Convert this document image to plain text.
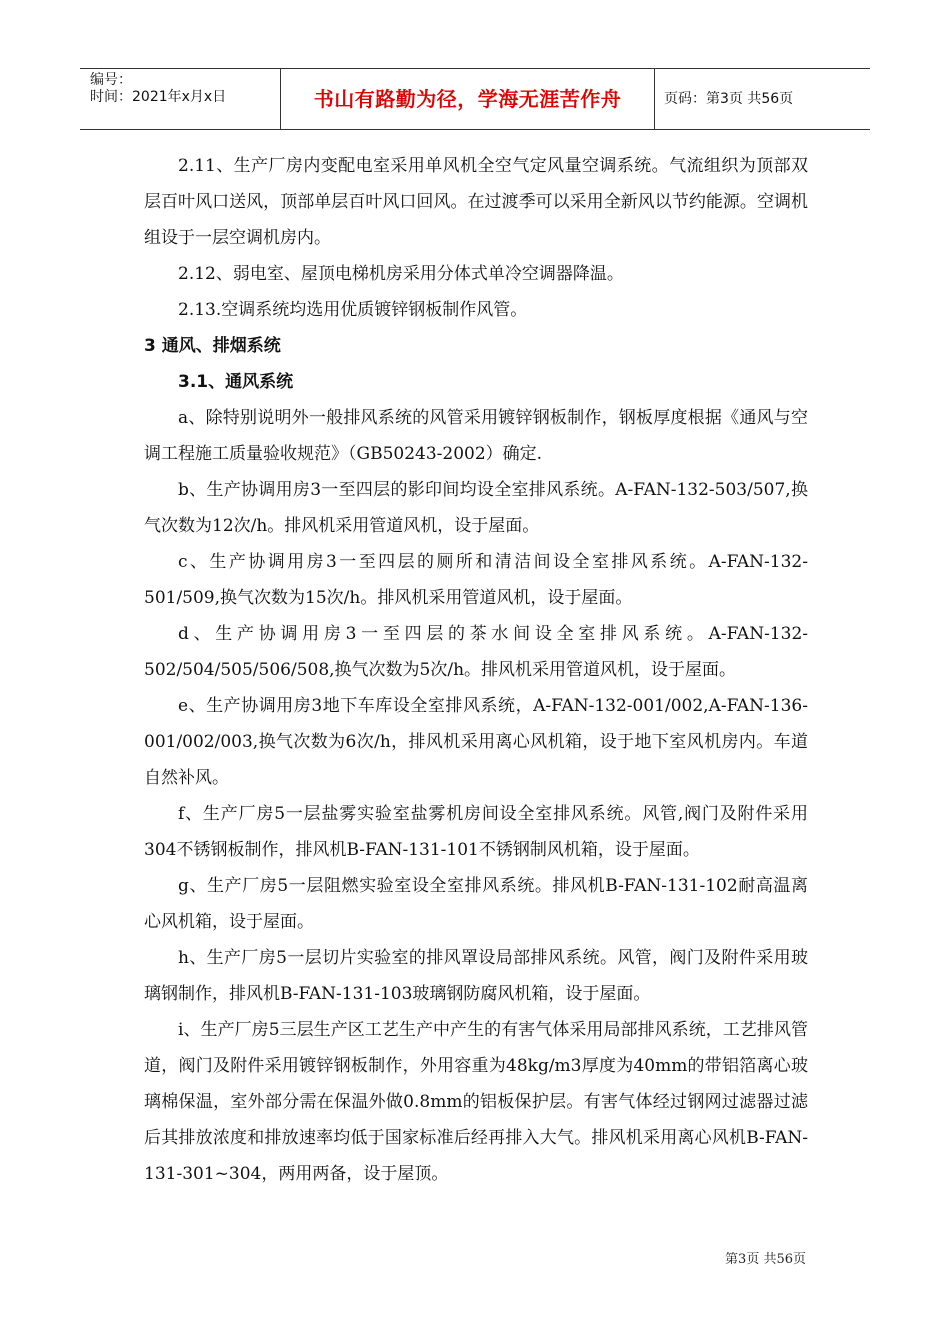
编号：
时间：2021年x月x日	书山有路勤为径，学海无涯苦作舟	页码：第3页 共56页

2.11、生产厂房内变配电室采用单风机全空气定风量空调系统。气流组织为顶部双层百叶风口送风，顶部单层百叶风口回风。在过渡季可以采用全新风以节约能源。空调机组设于一层空调机房内。

2.12、弱电室、屋顶电梯机房采用分体式单冷空调器降温。

2.13.空调系统均选用优质镀锌钢板制作风管。

3 通风、排烟系统

3.1、通风系统

a、除特别说明外一般排风系统的风管采用镀锌钢板制作，钢板厚度根据《通风与空调工程施工质量验收规范》（GB50243-2002）确定.

b、生产协调用房3一至四层的影印间均设全室排风系统。A-FAN-132-503/507,换气次数为12次/h。排风机采用管道风机，设于屋面。

c、生产协调用房3一至四层的厕所和清洁间设全室排风系统。A-FAN-132-501/509,换气次数为15次/h。排风机采用管道风机，设于屋面。

d、生产协调用房3一至四层的茶水间设全室排风系统。A-FAN-132-502/504/505/506/508,换气次数为5次/h。排风机采用管道风机，设于屋面。

e、生产协调用房3地下车库设全室排风系统，A-FAN-132-001/002,A-FAN-136-001/002/003,换气次数为6次/h，排风机采用离心风机箱，设于地下室风机房内。车道自然补风。

f、生产厂房5一层盐雾实验室盐雾机房间设全室排风系统。风管,阀门及附件采用304不锈钢板制作，排风机B-FAN-131-101不锈钢制风机箱，设于屋面。

g、生产厂房5一层阻燃实验室设全室排风系统。排风机B-FAN-131-102耐高温离心风机箱，设于屋面。

h、生产厂房5一层切片实验室的排风罩设局部排风系统。风管，阀门及附件采用玻璃钢制作，排风机B-FAN-131-103玻璃钢防腐风机箱，设于屋面。

i、生产厂房5三层生产区工艺生产中产生的有害气体采用局部排风系统，工艺排风管道，阀门及附件采用镀锌钢板制作，外用容重为48kg/m3厚度为40mm的带铝箔离心玻璃棉保温，室外部分需在保温外做0.8mm的铝板保护层。有害气体经过钢网过滤器过滤后其排放浓度和排放速率均低于国家标准后经再排入大气。排风机采用离心风机B-FAN-131-301~304，两用两备，设于屋顶。

第3页 共56页
